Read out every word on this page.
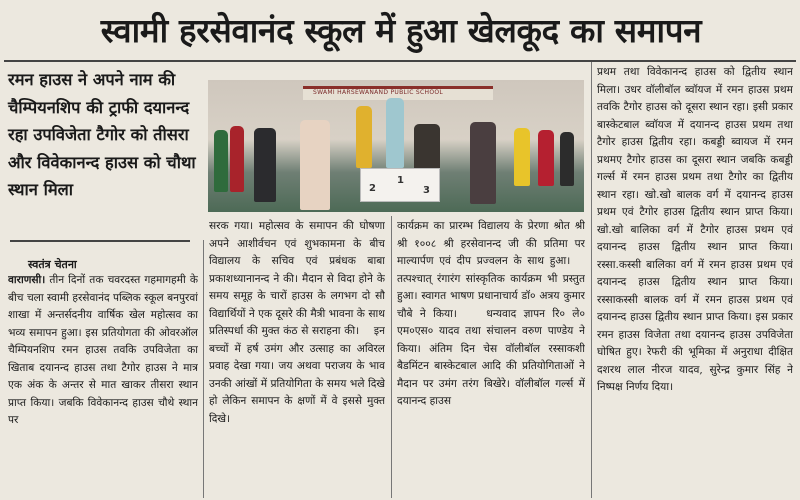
स्वामी हरसेवानंद स्कूल में हुआ खेलकूद का समापन
रमन हाउस ने अपने नाम की चैम्पियनशिप की ट्राफी दयानन्द रहा उपविजेता टैगोर को तीसरा और विवेकानन्द हाउस को चौथा स्थान मिला
स्वतंत्र चेतना
वाराणसी। तीन दिनों तक चवरदस्त गहमागहमी के बीच चला स्वामी हरसेवानंद पब्लिक स्कूल बनपुरवां शाखा में अन्तर्सदनीय वार्षिक खेल महोत्सव का भव्य समापन हुआ। इस प्रतियोगता की ओवरऑल चैम्पियनशिप रमन हाउस तवकि उपविजेता का खिताब दयानन्द हाउस तथा टैगोर हाउस ने मात्र एक अंक के अन्तर से मात खाकर तीसरा स्थान प्राप्त किया। जबकि विवेकानन्द हाउस चौथे स्थान पर
SWAMI HARSEWANAND PUBLIC SCHOOL
2
1
3
सरक गया। महोत्सव के समापन की घोषणा अपने आशीर्वचन एवं शुभकामना के बीच विद्यालय के सचिव एवं प्रबंधक बाबा प्रकाशध्यानानन्द ने की। मैदान से विदा होने के समय समूह के चारों हाउस के लगभग दो सौ विद्यार्थियों ने एक दूसरे की मैत्री भावना के साथ प्रतिस्पर्धा की मुक्त कंठ से सराहना की।    इन बच्चों में हर्ष उमंग और उत्साह का अविरल प्रवाह देखा गया। जय अथवा पराजय के भाव उनकी आंखों में प्रतियोगिता के समय भले दिखे हो लेकिन समापन के क्षणों में वे इससे मुक्त दिखे।
कार्यक्रम का प्रारम्भ विद्यालय के प्रेरणा श्रोत श्री श्री १००८ श्री हरसेवानन्द जी की प्रतिमा पर माल्यार्पण एवं दीप प्रज्वलन के साथ हुआ।    तत्पश्चात् रंगारंग सांस्कृतिक कार्यक्रम भी प्रस्तुत हुआ। स्वागत भाषण प्रधानाचार्य डॉ० अत्रय कुमार चौबे ने किया।    धन्यवाद ज्ञापन रि० ले० एम०एस० यादव तथा संचालन वरुण पाण्डेय ने किया। अंतिम दिन चेस वॉलीबॉल रस्साकशी बैडमिंटन बास्केटबाल आदि की प्रतियोगिताओं ने मैदान पर उमंग तरंग बिखेरे। वॉलीबॉल गर्ल्स में दयानन्द हाउस
प्रथम तथा विवेकानन्द हाउस को द्वितीय स्थान मिला। उधर वॉलीबॉल ब्वॉयज में रमन हाउस प्रथम तवकि टैगोर हाउस को दूसरा स्थान रहा। इसी प्रकार बास्केटबाल ब्वॉयज में दयानन्द हाउस प्रथम तथा टैगोर हाउस द्वितीय रहा। कबड्डी ब्वायज में रमन प्रथमए टैगोर हाउस का दूसरा स्थान जबकि कबड्डी गर्ल्स में रमन हाउस प्रथम तथा टैगोर का द्वितीय स्थान रहा। खो.खो बालक वर्ग में दयानन्द हाउस प्रथम एवं टैगोर हाउस द्वितीय स्थान प्राप्त किया। खो.खो बालिका वर्ग में टैगोर हाउस प्रथम एवं दयानन्द हाउस द्वितीय स्थान प्राप्त किया। रस्सा.कस्सी बालिका वर्ग में रमन हाउस प्रथम एवं दयानन्द हाउस द्वितीय स्थान प्राप्त किया। रस्साकस्सी बालक वर्ग में रमन हाउस प्रथम एवं दयानन्द हाउस द्वितीय स्थान प्राप्त किया। इस प्रकार रमन हाउस विजेता तथा दयानन्द हाउस उपविजेता घोषित हुए। रेफरी की भूमिका में अनुराधा दीक्षित दशरथ लाल नीरज यादव, सुरेन्द्र कुमार सिंह ने निष्पक्ष निर्णय दिया।
